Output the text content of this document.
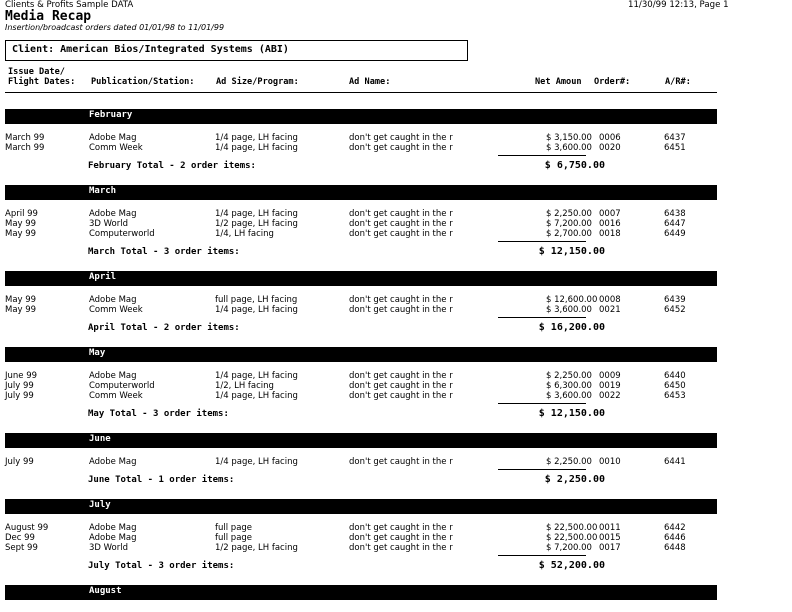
Clients & Profits Sample DATA	11/30/99 12:13, Page 1
Media Recap
Insertion/broadcast orders dated 01/01/98 to 11/01/99
Client: American Bios/Integrated Systems (ABI)
Issue Date/
Flight Dates: Publication/Station:	Ad Size/Program:	Ad Name:	Net Amoun Order#:	A/R#:
February
March 99	Adobe Mag	1/4 page, LH facing	don't get caught in the r	$ 3,150.00 0006	6437
March 99	Comm Week	1/4 page, LH facing	don't get caught in the r	$ 3,600.00 0020	6451
February Total - 2 order items:	$ 6,750.00
March
April 99	Adobe Mag	1/4 page, LH facing	don't get caught in the r	$ 2,250.00 0007	6438
May 99	3D World	1/2 page, LH facing	don't get caught in the r	$ 7,200.00 0016	6447
May 99	Computerworld	1/4, LH facing	don't get caught in the r	$ 2,700.00 0018	6449
March Total - 3 order items:	$ 12,150.00
April
May 99	Adobe Mag	full page, LH facing	don't get caught in the r	$ 12,600.00 0008	6439
May 99	Comm Week	1/4 page, LH facing	don't get caught in the r	$ 3,600.00 0021	6452
April Total - 2 order items:	$ 16,200.00
May
June 99	Adobe Mag	1/4 page, LH facing	don't get caught in the r	$ 2,250.00 0009	6440
July 99	Computerworld	1/2, LH facing	don't get caught in the r	$ 6,300.00 0019	6450
July 99	Comm Week	1/4 page, LH facing	don't get caught in the r	$ 3,600.00 0022	6453
May Total - 3 order items:	$ 12,150.00
June
July 99	Adobe Mag	1/4 page, LH facing	don't get caught in the r	$ 2,250.00 0010	6441
June Total - 1 order items:	$ 2,250.00
July
August 99	Adobe Mag	full page	don't get caught in the r	$ 22,500.00 0011	6442
Dec 99	Adobe Mag	full page	don't get caught in the r	$ 22,500.00 0015	6446
Sept 99	3D World	1/2 page, LH facing	don't get caught in the r	$ 7,200.00 0017	6448
July Total - 3 order items:	$ 52,200.00
August
